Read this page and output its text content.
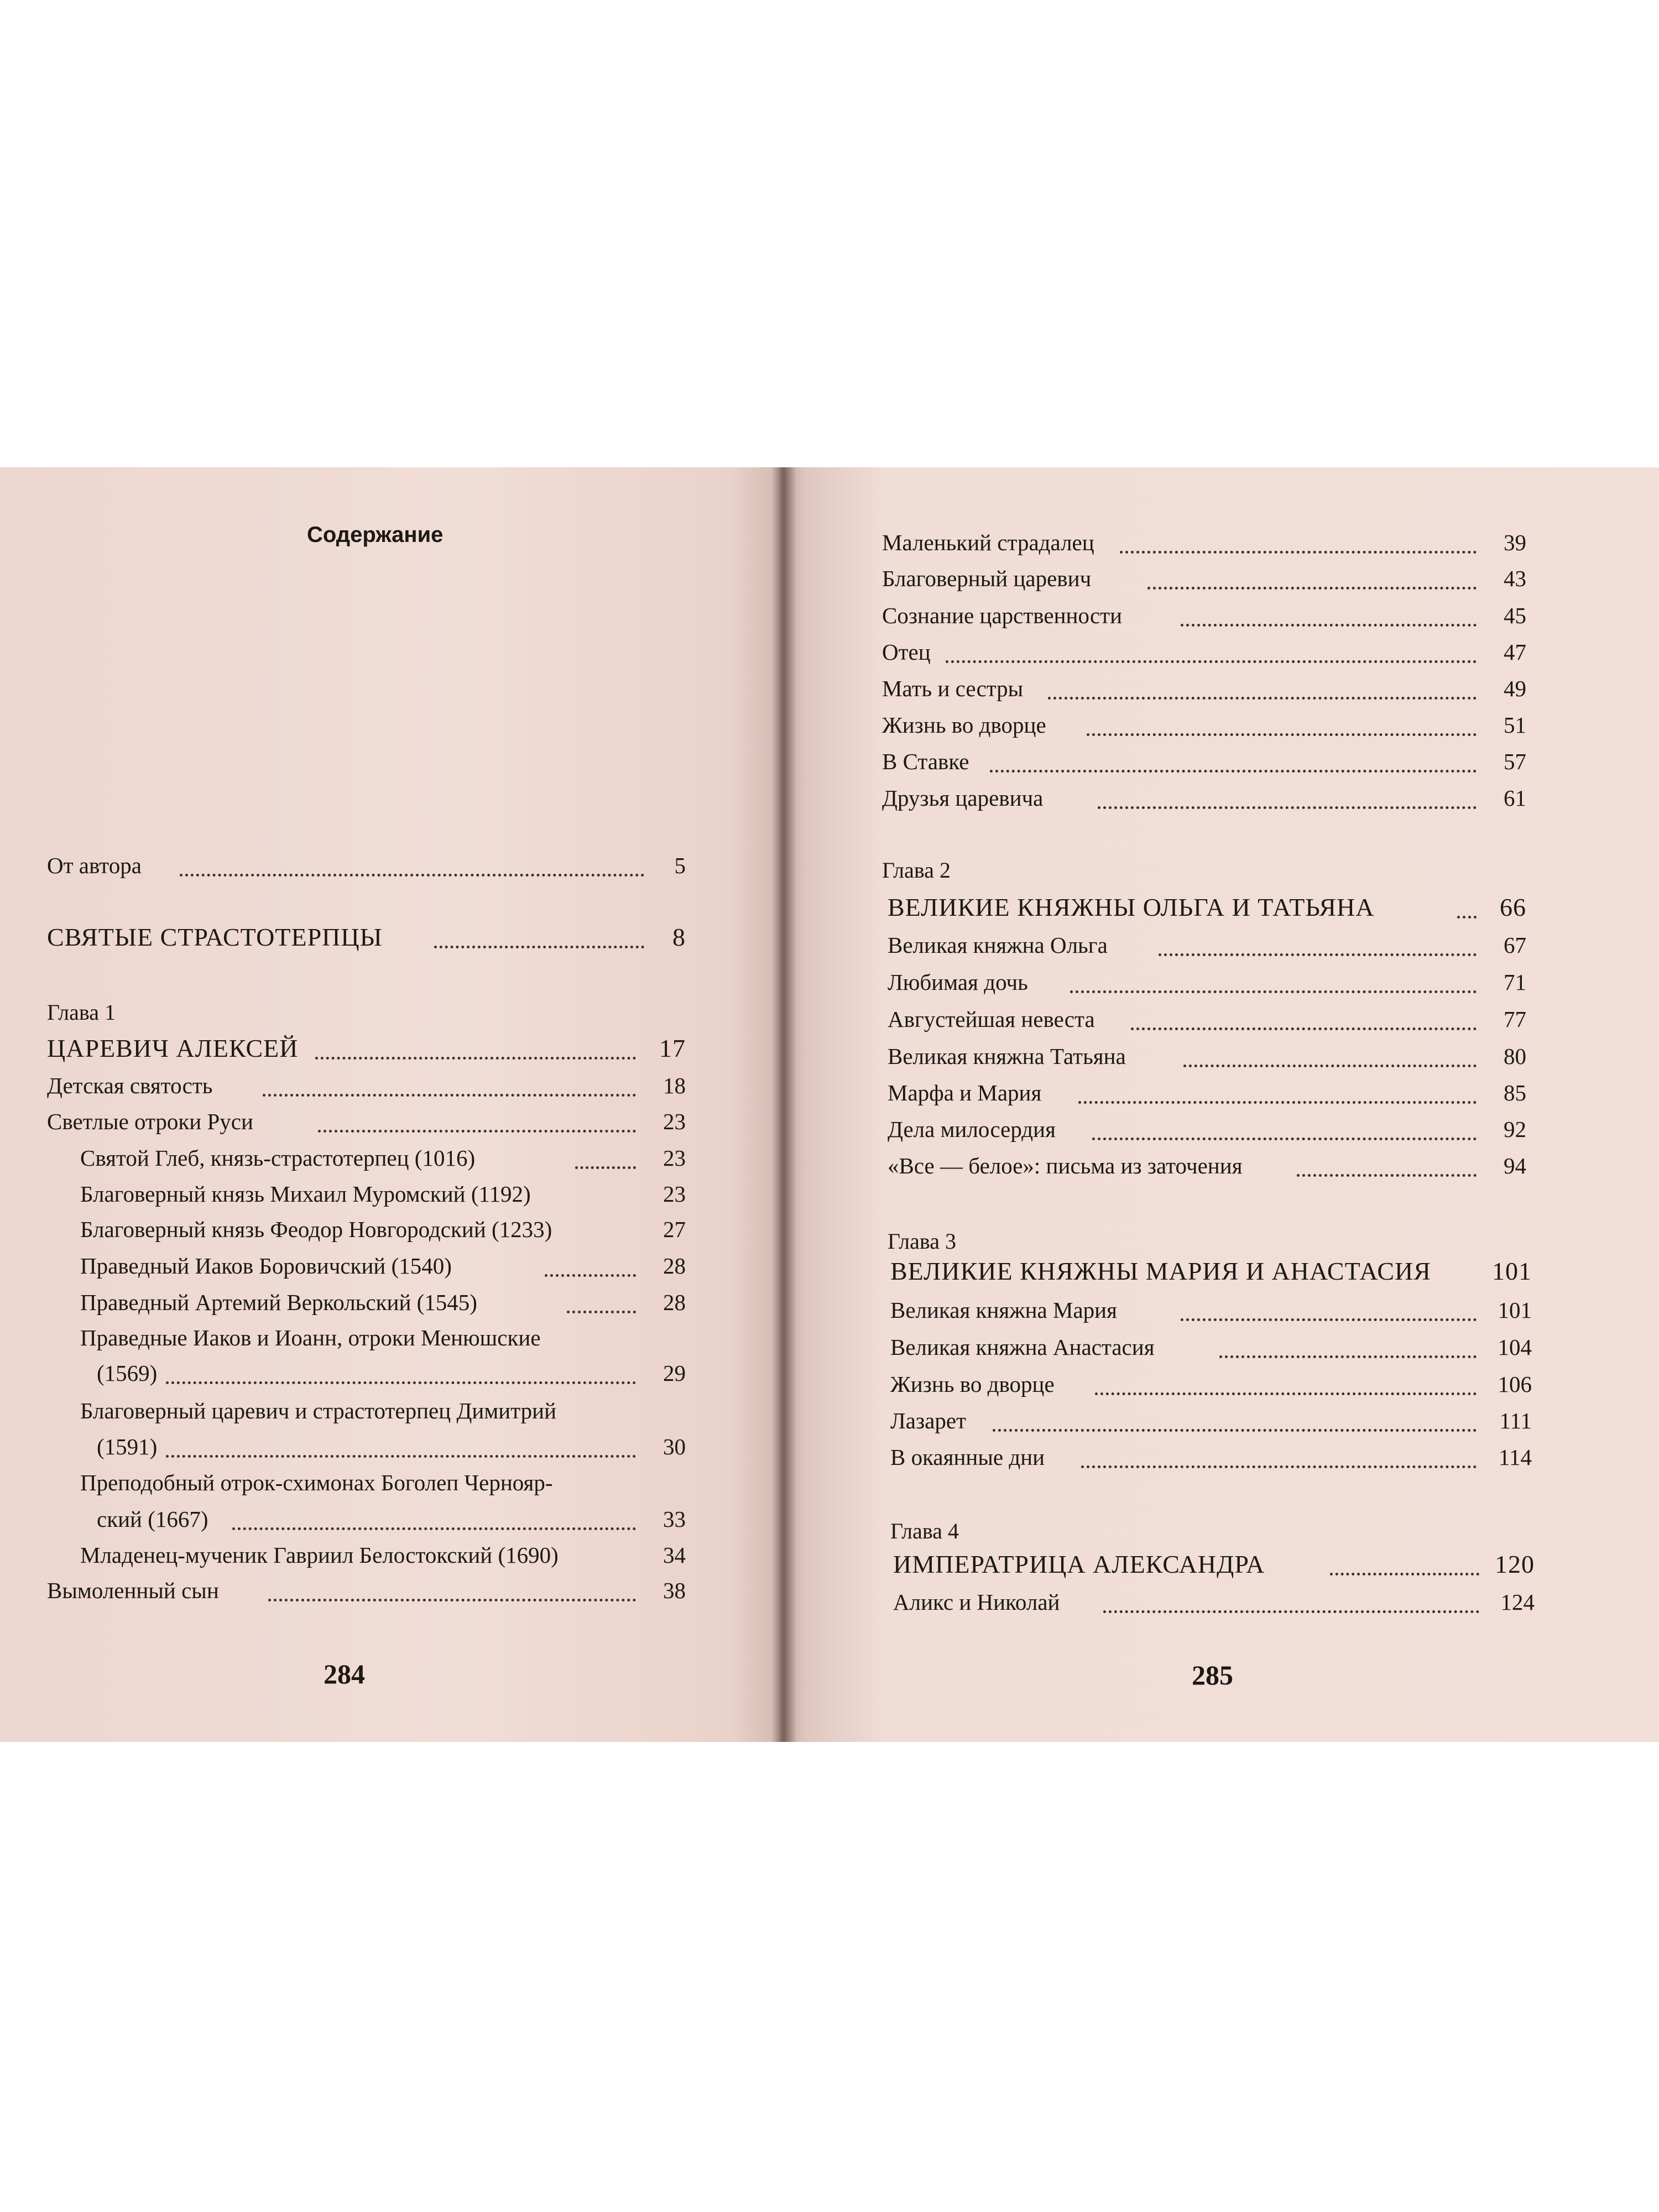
Содержание
От автора	5
СВЯТЫЕ СТРАСТОТЕРПЦЫ	8
Глава 1
ЦАРЕВИЧ АЛЕКСЕЙ	17
Детская святость	18
Светлые отроки Руси	23
Святой Глеб, князь-страстотерпец (1016)	23
Благоверный князь Михаил Муромский (1192)	23
Благоверный князь Феодор Новгородский (1233)	27
Праведный Иаков Боровичский (1540)	28
Праведный Артемий Веркольский (1545)	28
Праведные Иаков и Иоанн, отроки Менюшские
(1569)	29
Благоверный царевич и страстотерпец Димитрий
(1591)	30
Преподобный отрок-схимонах Боголеп Чернояр-
ский (1667)	33
Младенец-мученик Гавриил Белостокский (1690)	34
Вымоленный сын	38
284
Маленький страдалец	39
Благоверный царевич	43
Сознание царственности	45
Отец	47
Мать и сестры	49
Жизнь во дворце	51
В Ставке	57
Друзья царевича	61
Глава 2
ВЕЛИКИЕ КНЯЖНЫ ОЛЬГА И ТАТЬЯНА	66
Великая княжна Ольга	67
Любимая дочь	71
Августейшая невеста	77
Великая княжна Татьяна	80
Марфа и Мария	85
Дела милосердия	92
«Все — белое»: письма из заточения	94
Глава 3
ВЕЛИКИЕ КНЯЖНЫ МАРИЯ И АНАСТАСИЯ 101
Великая княжна Мария	101
Великая княжна Анастасия	104
Жизнь во дворце	106
Лазарет	111
В окаянные дни	114
Глава 4
ИМПЕРАТРИЦА АЛЕКСАНДРА	120
Аликс и Николай	124
285
